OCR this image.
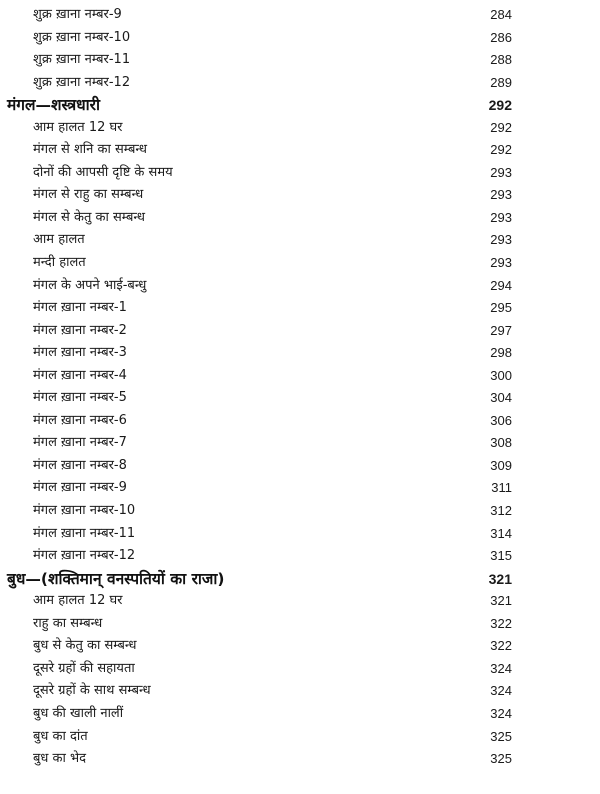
शुक्र ख़ाना नम्बर-9	284
शुक्र ख़ाना नम्बर-10	286
शुक्र ख़ाना नम्बर-11	288
शुक्र ख़ाना नम्बर-12	289
मंगल—शस्त्रधारी	292
आम हालत 12 घर	292
मंगल से शनि का सम्बन्ध	292
दोनों की आपसी दृष्टि के समय	293
मंगल से राहु का सम्बन्ध	293
मंगल से केतु का सम्बन्ध	293
आम हालत	293
मन्दी हालत	293
मंगल के अपने भाई-बन्धु	294
मंगल ख़ाना नम्बर-1	295
मंगल ख़ाना नम्बर-2	297
मंगल ख़ाना नम्बर-3	298
मंगल ख़ाना नम्बर-4	300
मंगल ख़ाना नम्बर-5	304
मंगल ख़ाना नम्बर-6	306
मंगल ख़ाना नम्बर-7	308
मंगल ख़ाना नम्बर-8	309
मंगल ख़ाना नम्बर-9	311
मंगल ख़ाना नम्बर-10	312
मंगल ख़ाना नम्बर-11	314
मंगल ख़ाना नम्बर-12	315
बुध—(शक्तिमान् वनस्पतियों का राजा)	321
आम हालत 12 घर	321
राहु का सम्बन्ध	322
बुध से केतु का सम्बन्ध	322
दूसरे ग्रहों की सहायता	324
दूसरे ग्रहों के साथ सम्बन्ध	324
बुध की खाली नालीं	324
बुध का दांत	325
बुध का भेद	325
